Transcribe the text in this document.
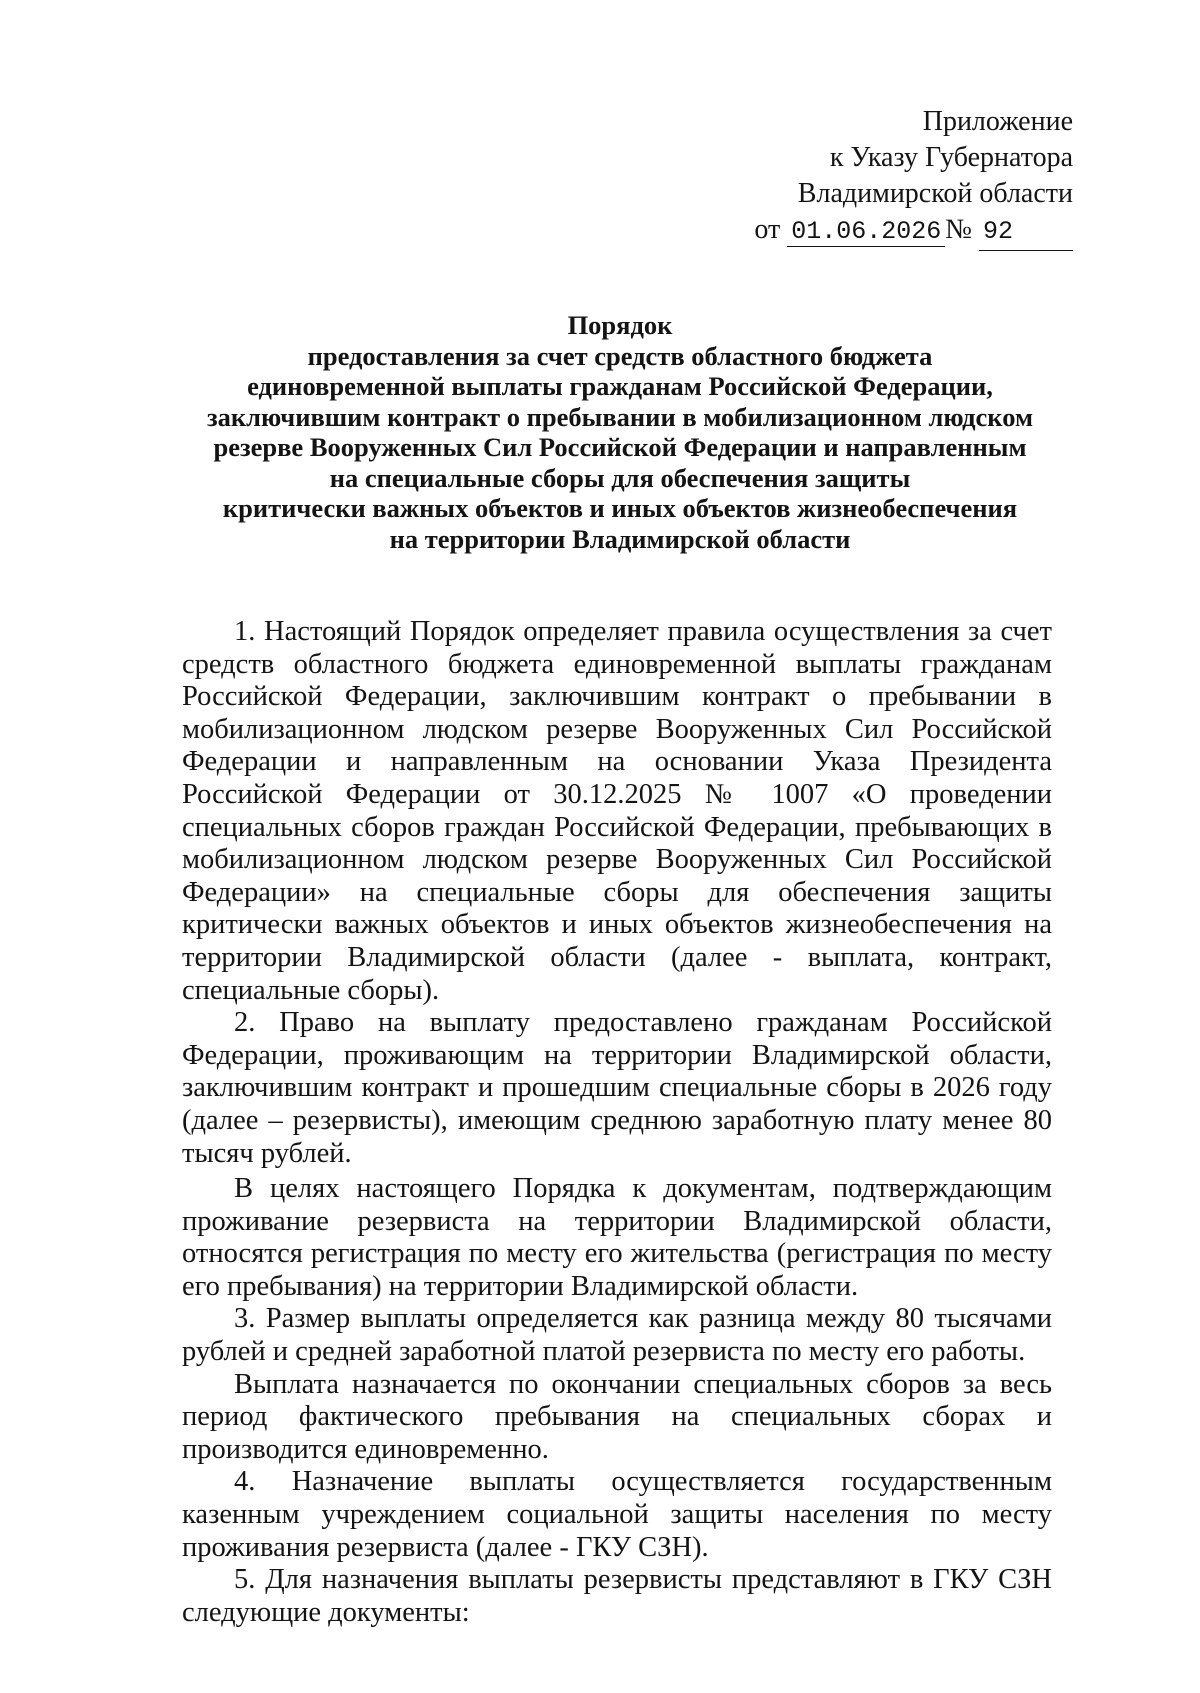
Приложение
к Указу Губернатора
Владимирской области
от 01.06.2026 № 92
Порядок
предоставления за счет средств областного бюджета
единовременной выплаты гражданам Российской Федерации,
заключившим контракт о пребывании в мобилизационном людском
резерве Вооруженных Сил Российской Федерации и направленным
на специальные сборы для обеспечения защиты
критически важных объектов и иных объектов жизнеобеспечения
на территории Владимирской области

1. Настоящий Порядок определяет правила осуществления за счет средств областного бюджета единовременной выплаты гражданам Российской Федерации, заключившим контракт о пребывании в мобилизационном людском резерве Вооруженных Сил Российской Федерации и направленным на основании Указа Президента Российской Федерации от 30.12.2025 № 1007 «О проведении специальных сборов граждан Российской Федерации, пребывающих в мобилизационном людском резерве Вооруженных Сил Российской Федерации» на специальные сборы для обеспечения защиты критически важных объектов и иных объектов жизнеобеспечения на территории Владимирской области (далее - выплата, контракт, специальные сборы).

2. Право на выплату предоставлено гражданам Российской Федерации, проживающим на территории Владимирской области, заключившим контракт и прошедшим специальные сборы в 2026 году (далее – резервисты), имеющим среднюю заработную плату менее 80 тысяч рублей.

В целях настоящего Порядка к документам, подтверждающим проживание резервиста на территории Владимирской области, относятся регистрация по месту его жительства (регистрация по месту его пребывания) на территории Владимирской области.

3. Размер выплаты определяется как разница между 80 тысячами рублей и средней заработной платой резервиста по месту его работы.

Выплата назначается по окончании специальных сборов за весь период фактического пребывания на специальных сборах и производится единовременно.

4. Назначение выплаты осуществляется государственным казенным учреждением социальной защиты населения по месту проживания резервиста (далее - ГКУ СЗН).

5. Для назначения выплаты резервисты представляют в ГКУ СЗН следующие документы:
